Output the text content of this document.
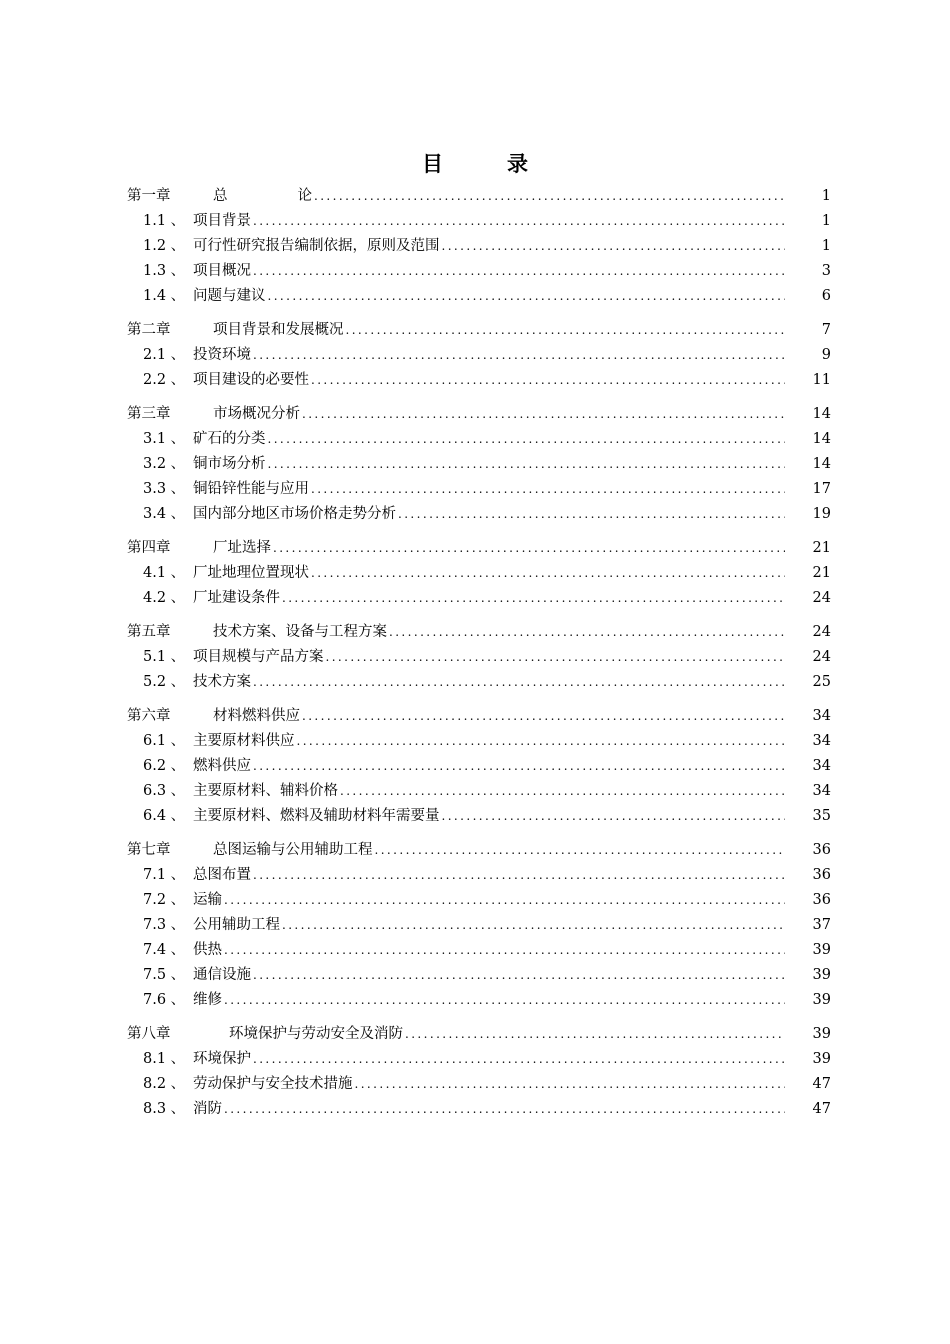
目	录
第一章	总	论 .....	1
1.1 、 项目背景 .....	1
1.2 、 可行性研究报告编制依据，原则及范围 .....	1
1.3 、 项目概况 .....	3
1.4 、 问题与建议 .....	6
第二章	项目背景和发展概况 .....	7
2.1 、 投资环境 .....	9
2.2 、 项目建设的必要性 .....	11
第三章	市场概况分析 .....	14
3.1 、 矿石的分类 .....	14
3.2 、 铜市场分析 .....	14
3.3 、 铜铅锌性能与应用 .....	17
3.4 、 国内部分地区市场价格走势分析 .....	19
第四章	厂址选择 .....	21
4.1 、 厂址地理位置现状 .....	21
4.2 、 厂址建设条件 .....	24
第五章	技术方案、设备与工程方案 .....	24
5.1 、 项目规模与产品方案 .....	24
5.2 、 技术方案 .....	25
第六章	材料燃料供应 .....	34
6.1 、 主要原材料供应 .....	34
6.2 、 燃料供应 .....	34
6.3 、 主要原材料、辅料价格 .....	34
6.4 、 主要原材料、燃料及辅助材料年需要量 .....	35
第七章	总图运输与公用辅助工程 .....	36
7.1 、 总图布置 .....	36
7.2 、 运输 .....	36
7.3 、 公用辅助工程 .....	37
7.4 、 供热 .....	39
7.5 、 通信设施 .....	39
7.6 、 维修 .....	39
第八章	环境保护与劳动安全及消防 .....	39
8.1 、 环境保护 .....	39
8.2 、 劳动保护与安全技术措施 .....	47
8.3 、 消防 .....	47
